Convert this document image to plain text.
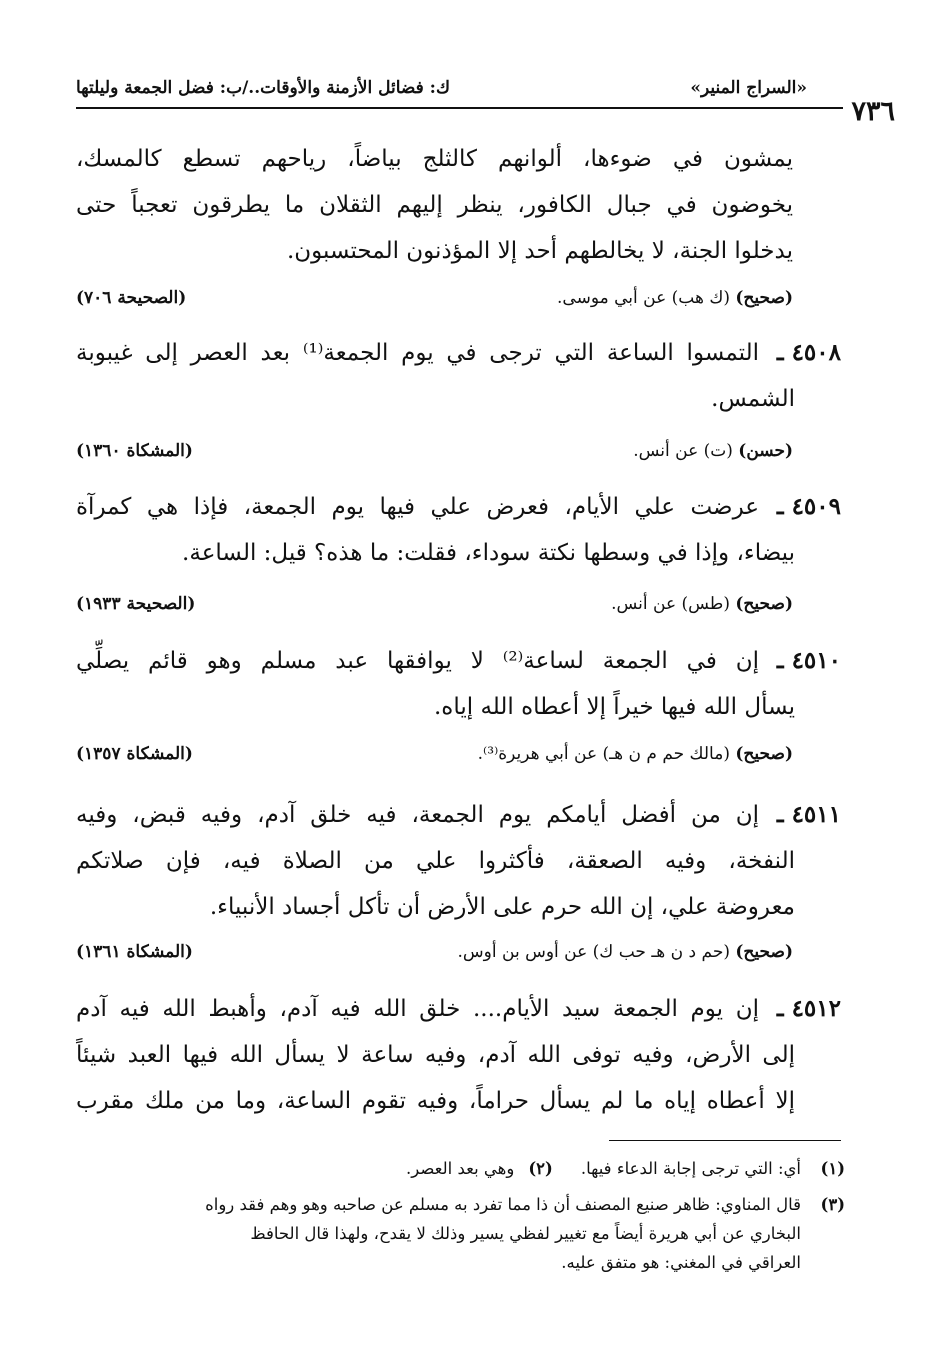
٧٣٦
«السراج المنير»
ك: فضائل الأزمنة والأوقات../ب: فضل الجمعة وليلتها
يمشون في ضوءها، ألوانهم كالثلج بياضاً، رياحهم تسطع كالمسك،
يخوضون في جبال الكافور، ينظر إليهم الثقلان ما يطرقون تعجباً حتى
يدخلوا الجنة، لا يخالطهم أحد إلا المؤذنون المحتسبون.
(صحيح) (ك هب) عن أبي موسى.
(الصحيحة ٧٠٦)
٤٥٠٨ ـ
التمسوا الساعة التي ترجى في يوم الجمعة⁽¹⁾ بعد العصر إلى غيبوبة
الشمس.
(حسن) (ت) عن أنس.
(المشكاة ١٣٦٠)
٤٥٠٩ ـ
عرضت علي الأيام، فعرض علي فيها يوم الجمعة، فإذا هي كمرآة
بيضاء، وإذا في وسطها نكتة سوداء، فقلت: ما هذه؟ قيل: الساعة.
(صحيح) (طس) عن أنس.
(الصحيحة ١٩٣٣)
٤٥١٠ ـ
إن في الجمعة لساعة⁽²⁾ لا يوافقها عبد مسلم وهو قائم يصلِّي
يسأل الله فيها خيراً إلا أعطاه الله إياه.
(صحيح) (مالك حم م ن هـ) عن أبي هريرة⁽³⁾.
(المشكاة ١٣٥٧)
٤٥١١ ـ
إن من أفضل أيامكم يوم الجمعة، فيه خلق آدم، وفيه قبض، وفيه
النفخة، وفيه الصعقة، فأكثروا علي من الصلاة فيه، فإن صلاتكم
معروضة علي، إن الله حرم على الأرض أن تأكل أجساد الأنبياء.
(صحيح) (حم د ن هـ حب ك) عن أوس بن أوس.
(المشكاة ١٣٦١)
٤٥١٢ ـ
إن يوم الجمعة سيد الأيام.... خلق الله فيه آدم، وأهبط الله فيه آدم
إلى الأرض، وفيه توفى الله آدم، وفيه ساعة لا يسأل الله فيها العبد شيئاً
إلا أعطاه إياه ما لم يسأل حراماً، وفيه تقوم الساعة، وما من ملك مقرب
(١)
أي: التي ترجى إجابة الدعاء فيها.(٢)وهي بعد العصر.
(٣)
قال المناوي: ظاهر صنيع المصنف أن ذا مما تفرد به مسلم عن صاحبه وهو وهم فقد رواه
البخاري عن أبي هريرة أيضاً مع تغيير لفظي يسير وذلك لا يقدح، ولهذا قال الحافظ
العراقي في المغني: هو متفق عليه.
